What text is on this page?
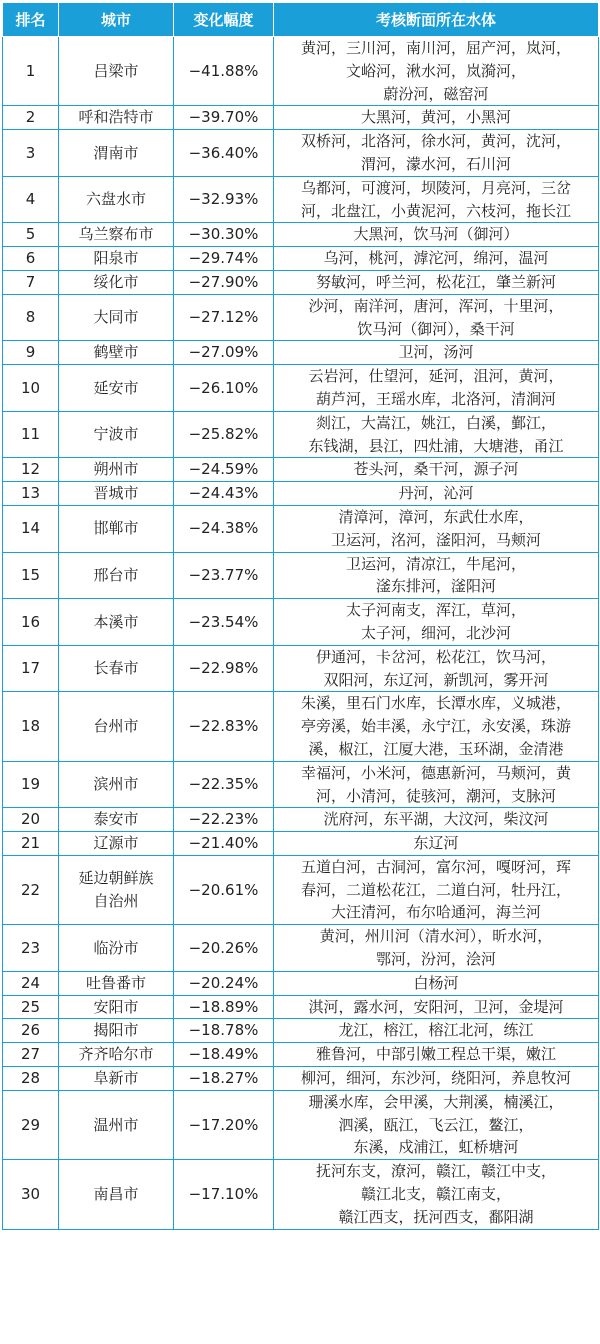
排名	城市	变化幅度	考核断面所在水体
1	吕梁市	−41.88%	黄河，三川河，南川河，屈产河，岚河，
文峪河，湫水河，岚漪河，
蔚汾河，磁窑河

2	呼和浩特市	−39.70%	大黑河，黄河，小黑河

3	渭南市	−36.40%	双桥河，北洛河，徐水河，黄河，沈河，
渭河，濛水河，石川河

4	六盘水市	−32.93%	乌都河，可渡河，坝陵河，月亮河，三岔
河，北盘江，小黄泥河，六枝河，拖长江

5	乌兰察布市	−30.30%	大黑河，饮马河（御河）

6	阳泉市	−29.74%	乌河，桃河，滹沱河，绵河，温河

7	绥化市	−27.90%	努敏河，呼兰河，松花江，肇兰新河

8	大同市	−27.12%	沙河，南洋河，唐河，浑河，十里河，
饮马河（御河），桑干河

9	鹤壁市	−27.09%	卫河，汤河

10	延安市	−26.10%	云岩河，仕望河，延河，沮河，黄河，
葫芦河，王瑶水库，北洛河，清涧河

11	宁波市	−25.82%	剡江，大嵩江，姚江，白溪，鄞江，
东钱湖，县江，四灶浦，大塘港，甬江

12	朔州市	−24.59%	苍头河，桑干河，源子河

13	晋城市	−24.43%	丹河，沁河

14	邯郸市	−24.38%	清漳河，漳河，东武仕水库，
卫运河，洺河，滏阳河，马颊河

15	邢台市	−23.77%	卫运河，清凉江，牛尾河，
滏东排河，滏阳河

16	本溪市	−23.54%	太子河南支，浑江，草河，
太子河，细河，北沙河

17	长春市	−22.98%	伊通河，卡岔河，松花江，饮马河，
双阳河，东辽河，新凯河，雾开河

18	台州市	−22.83%	朱溪，里石门水库，长潭水库，义城港，
亭旁溪，始丰溪，永宁江，永安溪，珠游
溪，椒江，江厦大港，玉环湖，金清港

19	滨州市	−22.35%	幸福河，小米河，德惠新河，马颊河，黄
河，小清河，徒骇河，潮河，支脉河

20	泰安市	−22.23%	洸府河，东平湖，大汶河，柴汶河

21	辽源市	−21.40%	东辽河

22	延边朝鲜族
自治州	−20.61%	五道白河，古洞河，富尔河，嘎呀河，珲
春河，二道松花江，二道白河，牡丹江，
大汪清河，布尔哈通河，海兰河

23	临汾市	−20.26%	黄河，州川河（清水河），昕水河，
鄂河，汾河，浍河

24	吐鲁番市	−20.24%	白杨河

25	安阳市	−18.89%	淇河，露水河，安阳河，卫河，金堤河

26	揭阳市	−18.78%	龙江，榕江，榕江北河，练江

27	齐齐哈尔市	−18.49%	雅鲁河，中部引嫩工程总干渠，嫩江

28	阜新市	−18.27%	柳河，细河，东沙河，绕阳河，养息牧河

29	温州市	−17.20%	珊溪水库，会甲溪，大荆溪，楠溪江，
泗溪，瓯江，飞云江，鳌江，
东溪，戍浦江，虹桥塘河

30	南昌市	−17.10%	抚河东支，潦河，赣江，赣江中支，
赣江北支，赣江南支，
赣江西支，抚河西支，鄱阳湖
